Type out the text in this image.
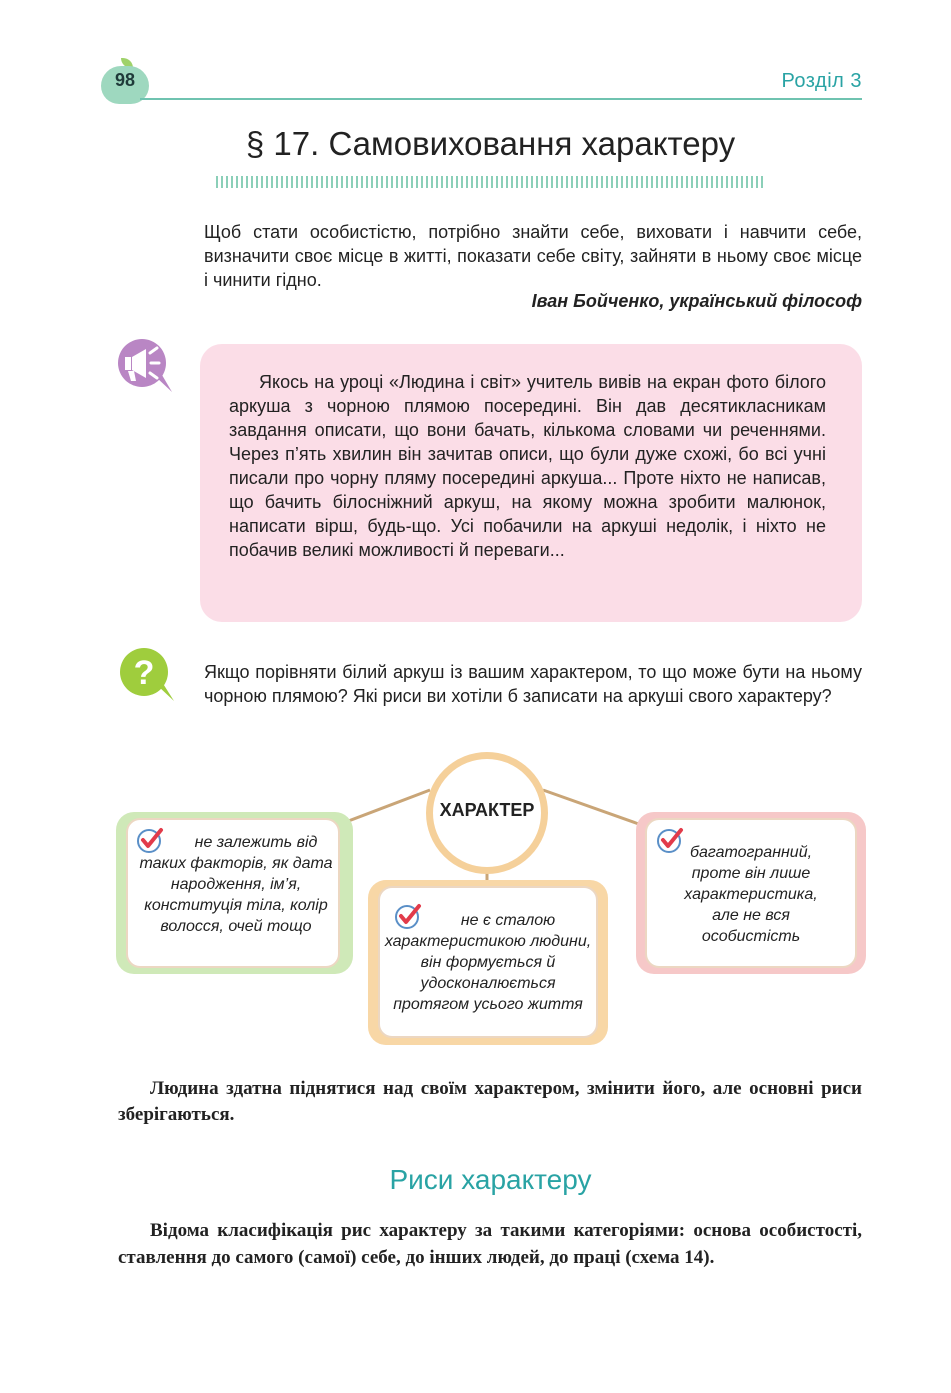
98	Розділ 3
§ 17. Самовиховання характеру
Щоб стати особистістю, потрібно знайти себе, виховати і навчити себе, визначити своє місце в житті, показати себе світу, зайняти в ньому своє місце і чинити гідно.
Іван Бойченко, український філософ
Якось на уроці «Людина і світ» учитель вивів на екран фото білого аркуша з чорною плямою посередині. Він дав десятикласникам завдання описати, що вони бачать, кількома словами чи реченнями. Через п’ять хвилин він зачитав описи, що були дуже схожі, бо всі учні писали про чорну пляму посередині аркуша... Проте ніхто не написав, що бачить білосніжний аркуш, на якому можна зробити малюнок, написати вірш, будь-що. Усі побачили на аркуші недолік, і ніхто не побачив великі можливості й переваги...
?	Якщо порівняти білий аркуш із вашим характером, то що може бути на ньому чорною плямою? Які риси ви хотіли б записати на аркуші свого характеру?
не залежить від таких факторів, як дата народження, ім’я, конституція тіла, колір волосся, очей тощо	не є сталою характеристикою людини, він формується й удосконалюється протягом усього життя
багатогранний, проте він лише характеристика, але не вся особистість
ХАРАКТЕР
Людина здатна піднятися над своїм характером, змінити його, але основні риси зберігаються.
Риси характеру
Відома класифікація рис характеру за такими категоріями: основа особистості, ставлення до самого (самої) себе, до інших людей, до праці (схема 14).
